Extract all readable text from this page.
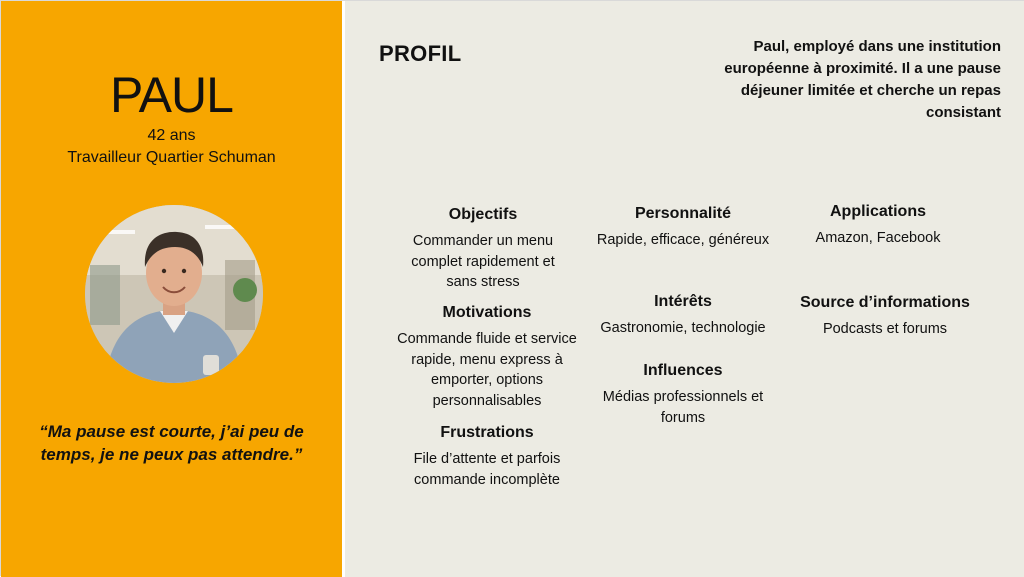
PAUL
42 ans
Travailleur Quartier Schuman
“Ma pause est courte, j’ai peu de temps, je ne peux pas attendre.”
PROFIL	Paul, employé dans une institution européenne à proximité. Il a une pause déjeuner limitée et cherche un repas consistant
Objectifs
Commander un menu complet rapidement et sans stress
Motivations
Commande fluide et service rapide, menu express à emporter, options personnalisables
Frustrations
File d’attente et parfois commande incomplète
Personnalité
Rapide, efficace, généreux
Intérêts
Gastronomie, technologie
Influences
Médias professionnels et forums
Applications
Amazon, Facebook
Source d’informations
Podcasts et forums
